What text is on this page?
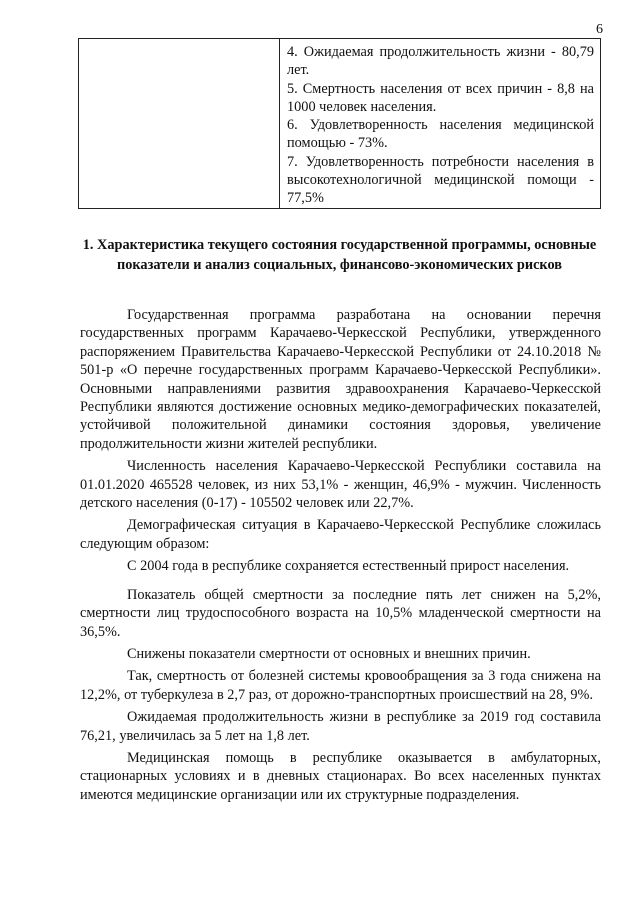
6

4. Ожидаемая продолжительность жизни - 80,79 лет.

5. Смертность населения от всех причин - 8,8 на 1000 человек населения.

6. Удовлетворенность населения медицинской помощью - 73%.

7. Удовлетворенность потребности населения в высокотехнологичной медицинской помощи - 77,5%

1. Характеристика текущего состояния государственной программы, основные показатели и анализ социальных, финансово-экономических рисков

Государственная программа разработана на основании перечня государственных программ Карачаево-Черкесской Республики, утвержденного распоряжением Правительства Карачаево-Черкесской Республики от 24.10.2018 № 501-р «О перечне государственных программ Карачаево-Черкесской Республики». Основными направлениями развития здравоохранения Карачаево-Черкесской Республики являются достижение основных медико-демографических показателей, устойчивой положительной динамики состояния здоровья, увеличение продолжительности жизни жителей республики.

Численность населения Карачаево-Черкесской Республики составила на 01.01.2020 465528 человек, из них 53,1% - женщин, 46,9% - мужчин. Численность детского населения (0-17) - 105502 человек или 22,7%.

Демографическая ситуация в Карачаево-Черкесской Республике сложилась следующим образом:

С 2004 года в республике сохраняется естественный прирост населения.

Показатель общей смертности за последние пять лет снижен на 5,2%, смертности лиц трудоспособного возраста на 10,5% младенческой смертности на 36,5%.

Снижены показатели смертности от основных и внешних причин.

Так, смертность от болезней системы кровообращения за 3 года снижена на 12,2%, от туберкулеза в 2,7 раз, от дорожно-транспортных происшествий на 28, 9%.

Ожидаемая продолжительность жизни в республике за 2019 год составила 76,21, увеличилась за 5 лет на 1,8 лет.

Медицинская помощь в республике оказывается в амбулаторных, стационарных условиях и в дневных стационарах. Во всех населенных пунктах имеются медицинские организации или их структурные подразделения.
